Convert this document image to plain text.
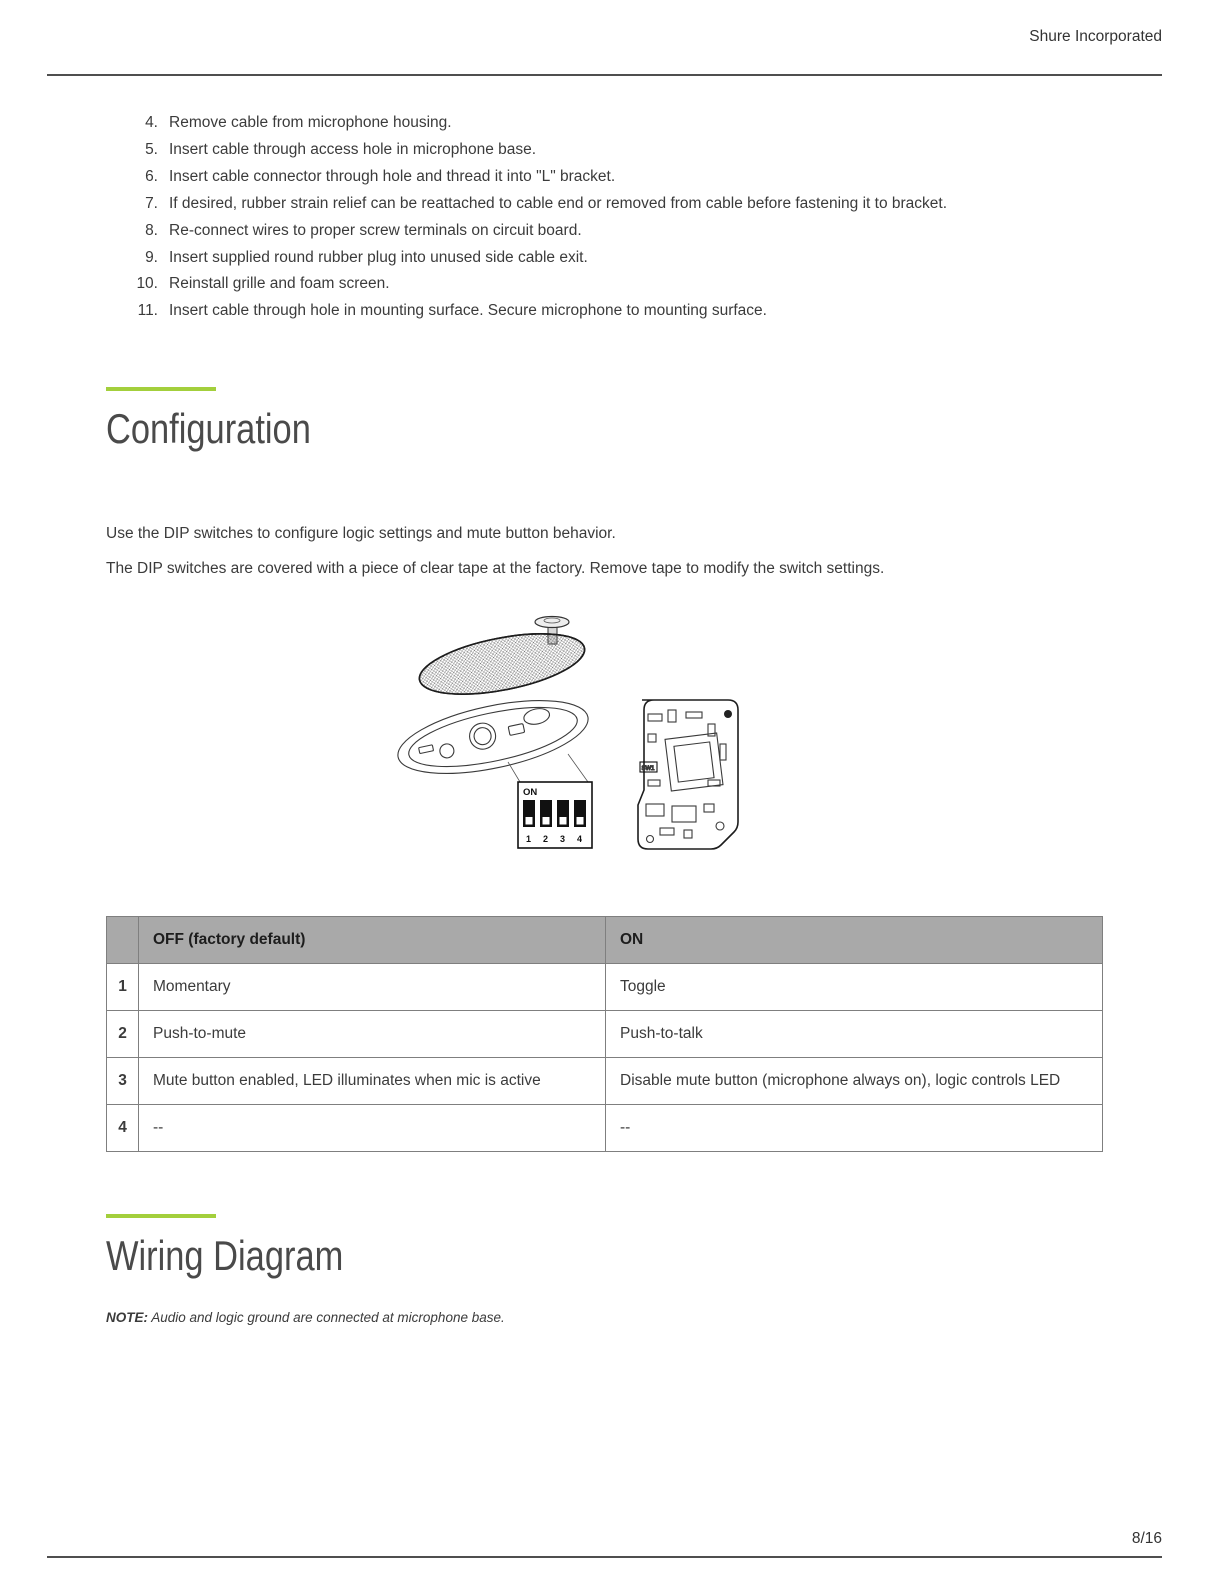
Shure Incorporated
4. Remove cable from microphone housing.
5. Insert cable through access hole in microphone base.
6. Insert cable connector through hole and thread it into "L" bracket.
7. If desired, rubber strain relief can be reattached to cable end or removed from cable before fastening it to bracket.
8. Re-connect wires to proper screw terminals on circuit board.
9. Insert supplied round rubber plug into unused side cable exit.
10. Reinstall grille and foam screen.
11. Insert cable through hole in mounting surface. Secure microphone to mounting surface.
Configuration

Use the DIP switches to configure logic settings and mute button behavior.

The DIP switches are covered with a piece of clear tape at the factory. Remove tape to modify the switch settings.

ON
1 2 3 4
SW1
	OFF (factory default)	ON
1	Momentary	Toggle
2	Push-to-mute	Push-to-talk
3	Mute button enabled, LED illuminates when mic is active	Disable mute button (microphone always on), logic controls LED
4	--	--
Wiring Diagram

NOTE: Audio and logic ground are connected at microphone base.

8/16
